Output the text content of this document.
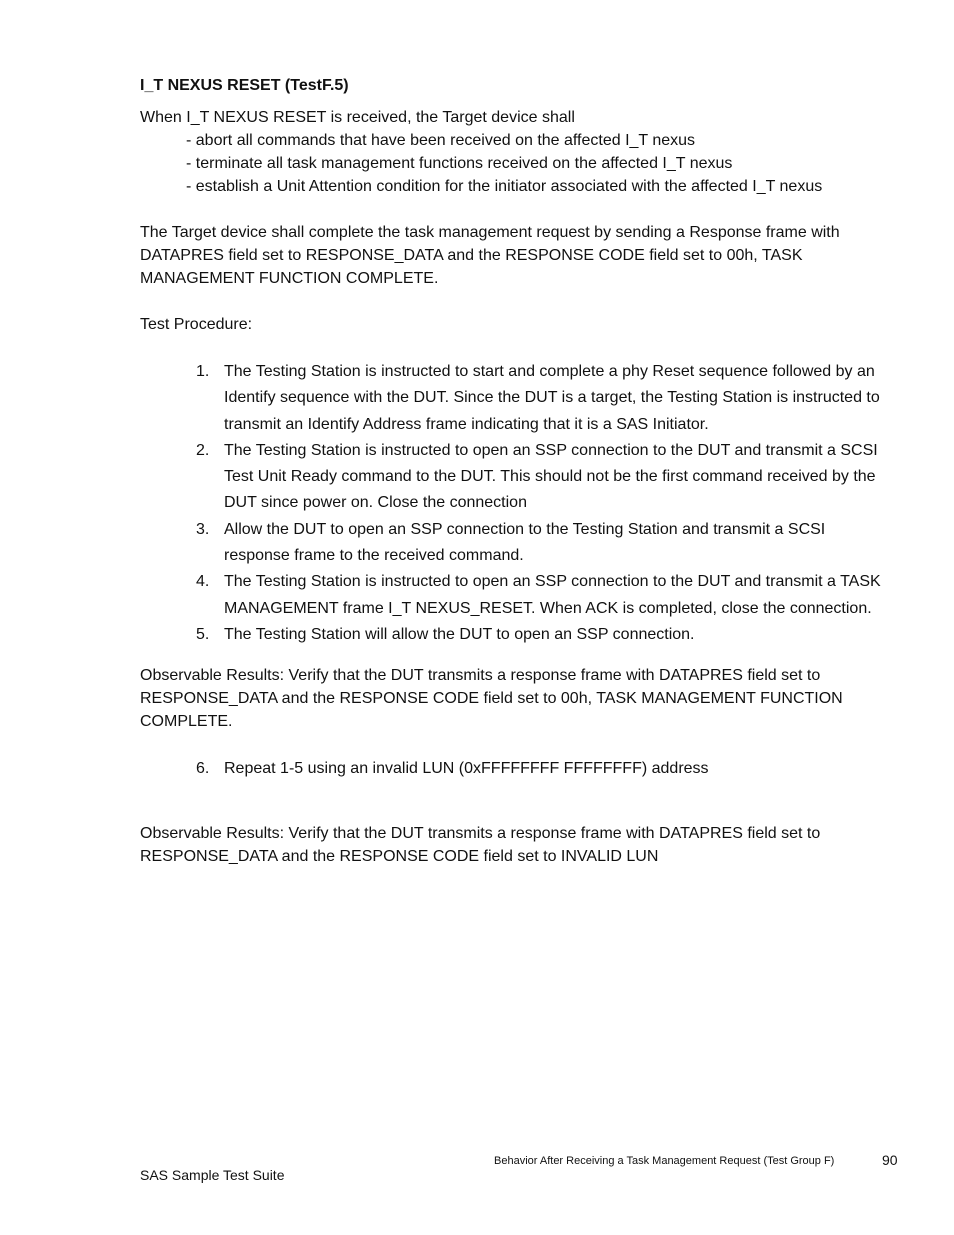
I_T NEXUS RESET (TestF.5)

When I_T NEXUS RESET is received, the Target device shall

- abort all commands that have been received on the affected I_T nexus
- terminate all task management functions received on the affected I_T nexus
- establish a Unit Attention condition for the initiator associated with the affected I_T nexus

The Target device shall complete the task management request by sending a Response frame with DATAPRES field set to RESPONSE_DATA and the RESPONSE CODE field set to 00h, TASK MANAGEMENT FUNCTION COMPLETE.

Test Procedure:

1. The Testing Station is instructed to start and complete a phy Reset sequence followed by an Identify sequence with the DUT. Since the DUT is a target, the Testing Station is instructed to transmit an Identify Address frame indicating that it is a SAS Initiator.
2. The Testing Station is instructed to open an SSP connection to the DUT and transmit a SCSI Test Unit Ready command to the DUT. This should not be the first command received by the DUT since power on. Close the connection
3. Allow the DUT to open an SSP connection to the Testing Station and transmit a SCSI response frame to the received command.
4. The Testing Station is instructed to open an SSP connection to the DUT and transmit a TASK MANAGEMENT frame I_T NEXUS_RESET. When ACK is completed, close the connection.
5. The Testing Station will allow the DUT to open an SSP connection.

Observable Results: Verify that the DUT transmits a response frame with DATAPRES field set to RESPONSE_DATA and the RESPONSE CODE field set to 00h, TASK MANAGEMENT FUNCTION COMPLETE.

6. Repeat 1-5 using an invalid LUN (0xFFFFFFFF FFFFFFFF) address

Observable Results: Verify that the DUT transmits a response frame with DATAPRES field set to RESPONSE_DATA and the RESPONSE CODE field set to INVALID LUN

Behavior After Receiving a Task Management Request (Test Group F)	90
SAS Sample Test Suite
